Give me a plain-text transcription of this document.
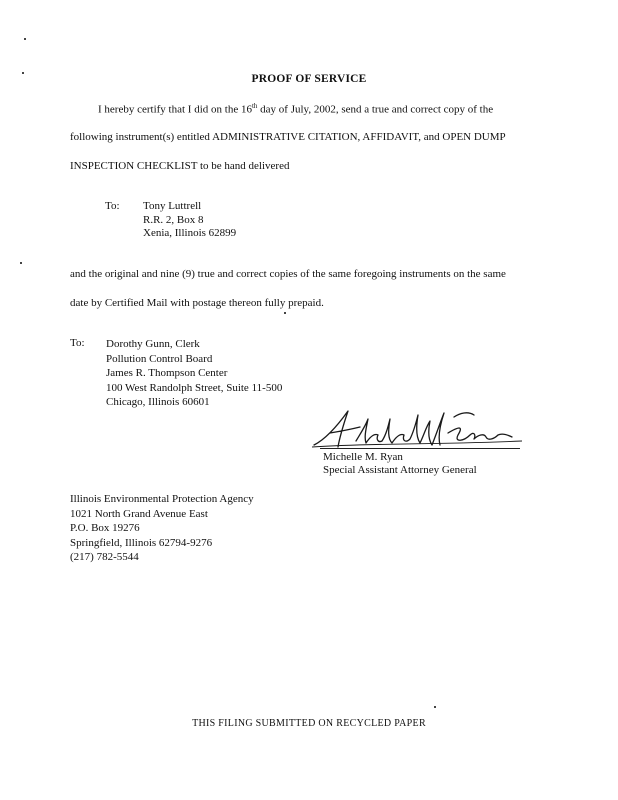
PROOF OF SERVICE
I hereby certify that I did on the 16th day of July, 2002, send a true and correct copy of the
following instrument(s) entitled ADMINISTRATIVE CITATION, AFFIDAVIT, and OPEN DUMP
INSPECTION CHECKLIST to be hand delivered
To: Tony Luttrell
R.R. 2, Box 8
Xenia, Illinois 62899
and the original and nine (9) true and correct copies of the same foregoing instruments on the same
date by Certified Mail with postage thereon fully prepaid.
To: Dorothy Gunn, Clerk
Pollution Control Board
James R. Thompson Center
100 West Randolph Street, Suite 11-500
Chicago, Illinois 60601
Michelle M. Ryan
Special Assistant Attorney General
Illinois Environmental Protection Agency
1021 North Grand Avenue East
P.O. Box 19276
Springfield, Illinois 62794-9276
(217) 782-5544
THIS FILING SUBMITTED ON RECYCLED PAPER
